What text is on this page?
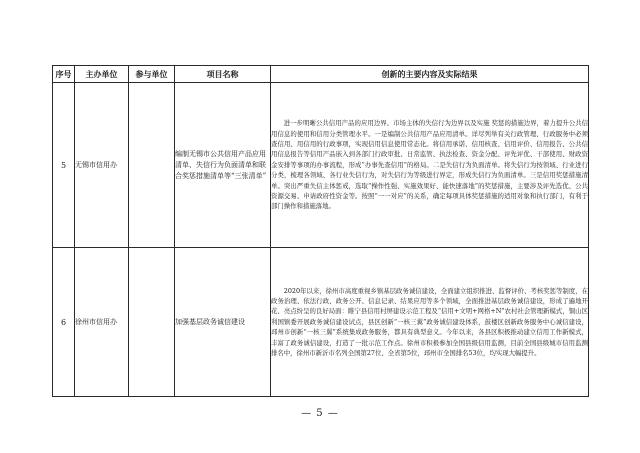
序号	主办单位	参与单位	项目名称	创新的主要内容及实际结果
5	无锡市信用办		编制无锡市公共信用产品应用清单、失信行为负面清单和联合奖惩措施清单等“三张清单”	进一步明晰公共信用产品的应用边界、市场主体的失信行为边界以及实施 奖惩的措施边界，着力提升公共信用信息的使用和信用分类管理水平。一是编制公共信用产品应用清单。详尽列举有关行政管理、行政服务中必须查信用、用信用的行政事项，实现信用信息使用常态化。将信用承诺、信用核查、信用评价、信用报告、公共信用信息报告等信用产品嵌入到各部门行政审批、日常监管、执法检查、资金分配、评先评优、干部使用、财政资金安排等事项的办事流程，形成“办事先查信用”的格局。二是失信行为负面清单。将失信行为按领域、行业进行分类，梳理各领域、各行业失信行为，对失信行为等级进行界定，形成失信行为负面清单。三是信用奖惩措施清单。突出严重失信主体惩戒，选取“操作性强、实施效果好、能快速落地”的奖惩措施，主要涉及评先选优、公共资源交易、申请政府性资金等。按照“一一对应”的关系，确定每项具体奖惩措施的适用对象和执行部门，有利于部门操作和措施落地。

6	徐州市信用办		加强基层政务诚信建设	2020年以来，徐州市高度重视乡镇基层政务诚信建设，全面建立组织推进、监督评价、考核奖惩等制度，在政务治理、依法行政、政务公开、信息记录、结果应用等多个领域，全面推进基层政务诚信建设，形成了遍地开花、亮点纷呈的良好局面：睢宁县信用村屏建设示范工程及“信用+文明+网格+N”农村社会管理新模式，铜山区利国镇委开展政务诚信建设试点，县区创新“一核三翼”政务诚信建设体系，鼓楼区创新政务服务中心诚信建设，邳州市创新“一核三翼”系统集成政务服务，都具有典型意义。今年以来，各县区积极推动建立信用工作新模式，丰富了政务诚信建设，打造了一批示范工作点。徐州市积极参加全国县级信用监测，目前全国县级城市信用监测排名中，徐州市新沂市名列全国第27位、全省第5位，邳州市全国排名53位，均实现大幅提升。

— 5 —
